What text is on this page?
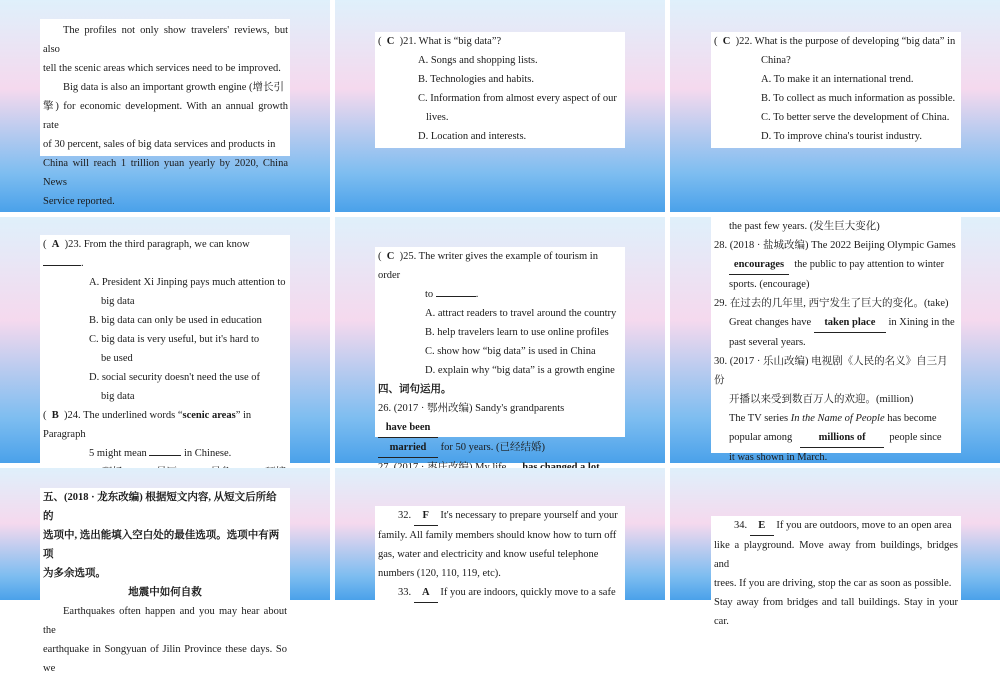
The profiles not only show travelers' reviews, but also
tell the scenic areas which services need to be improved.
Big data is also an important growth engine (增长引
擎) for economic development. With an annual growth rate
of 30 percent, sales of big data services and products in
China will reach 1 trillion yuan yearly by 2020, China News
Service reported.
(  C  )21. What is “big data”?
A. Songs and shopping lists.
B. Technologies and habits.
C. Information from almost every aspect of our
lives.
D. Location and interests.
(  C  )22. What is the purpose of developing “big data” in
China?
A. To make it an international trend.
B. To collect as much information as possible.
C. To better serve the development of China.
D. To improve china's tourist industry.
(  A  )23. From the third paragraph, we can know .
A. President Xi Jinping pays much attention to
big data
B. big data can only be used in education
C. big data is very useful, but it's hard to
be used
D. social security doesn't need the use of
big data
(  B  )24. The underlined words “scenic areas” in Paragraph
5 might mean	in Chinese.
(  C  )25. The writer gives the example of tourism in order
to	.
A. attract readers to travel around the country
B. help travelers learn to use online profiles
C. show how “big data” is used in China
D. explain why “big data” is a growth engine
四、词句运用。
26. (2017 · 鄂州改编) Sandy's grandparents have been
married for 50 years. (已经结婚)
the past few years. (发生巨大变化)
28. (2018 · 盐城改编) The 2022 Beijing Olympic Games
encourages the public to pay attention to winter
sports. (encourage)
29. 在过去的几年里, 西宁发生了巨大的变化。(take)
Great changes have taken place in Xining in the
past several years.
30. (2017 · 乐山改编) 电视剧《人民的名义》自三月份
开播以来受到数百万人的欢迎。(million)
The TV series In the Name of People has become
popular among	millions of people since
it was shown in March.
五、(2018 · 龙东改编) 根据短文内容, 从短文后所给的
选项中, 选出能填入空白处的最佳选项。选项中有两项
为多余选项。
地震中如何自救
Earthquakes often happen and you may hear about the
earthquake in Songyuan of Jilin Province these days. So we
32. F It's necessary to prepare yourself and your
family. All family members should know how to turn off
gas, water and electricity and know useful telephone
numbers (120, 110, 119, etc).
33. A If you are indoors, quickly move to a safe
34. E If you are outdoors, move to an open area
like a playground. Move away from buildings, bridges and
trees. If you are driving, stop the car as soon as possible.
Stay away from bridges and tall buildings. Stay in your car.
